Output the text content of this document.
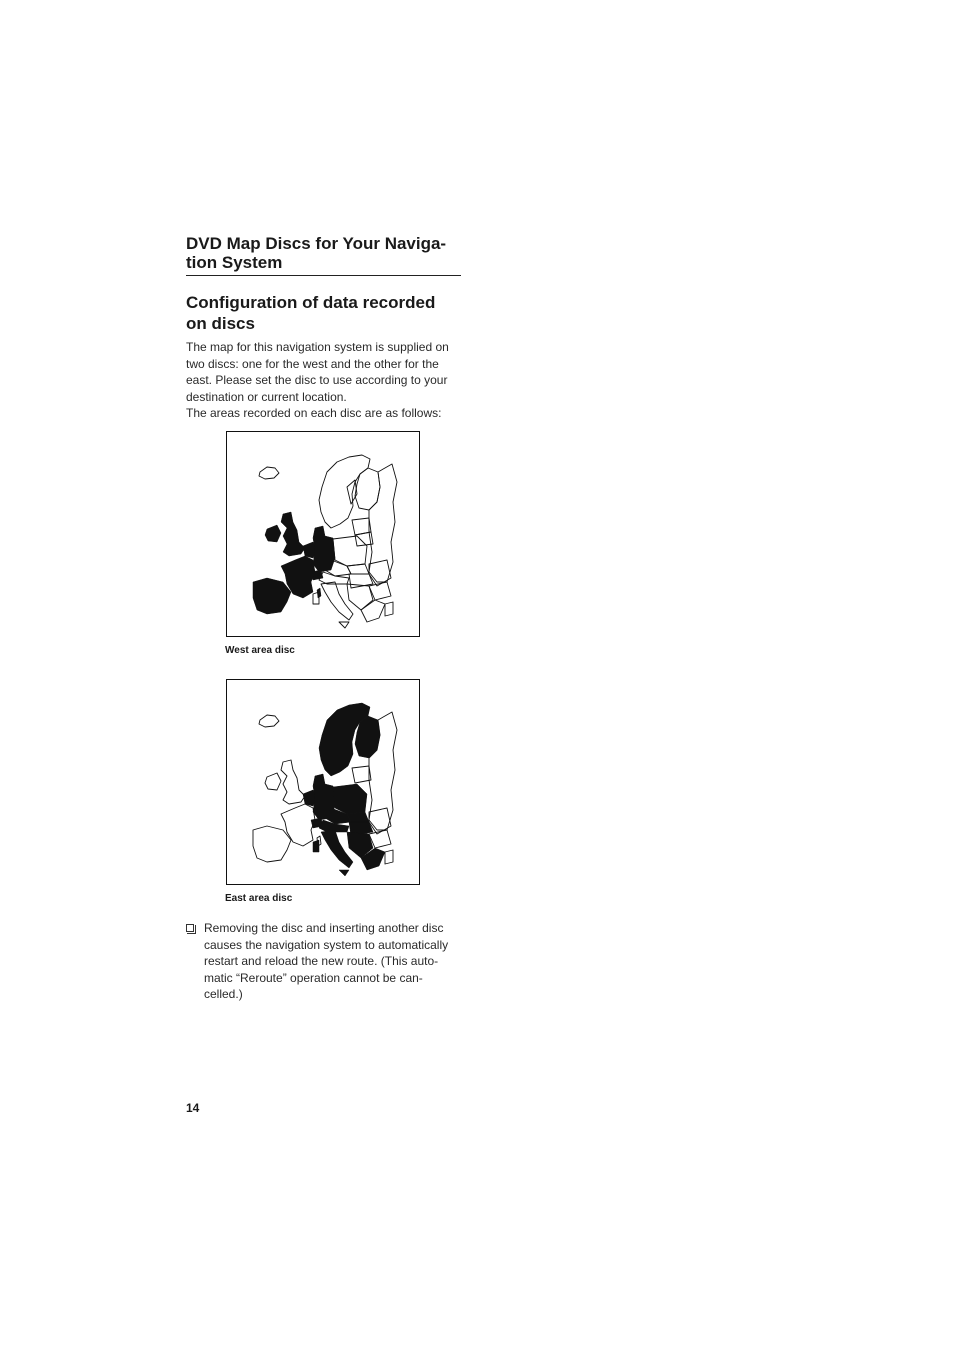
DVD Map Discs for Your Naviga-
tion System
Configuration of data recorded
on discs

The map for this navigation system is supplied on
two discs: one for the west and the other for the
east. Please set the disc to use according to your
destination or current location.
The areas recorded on each disc are as follows:

West area disc

East area disc

Removing the disc and inserting another disc
causes the navigation system to automatically
restart and reload the new route. (This auto-
matic “Reroute” operation cannot be can-
celled.)

14
